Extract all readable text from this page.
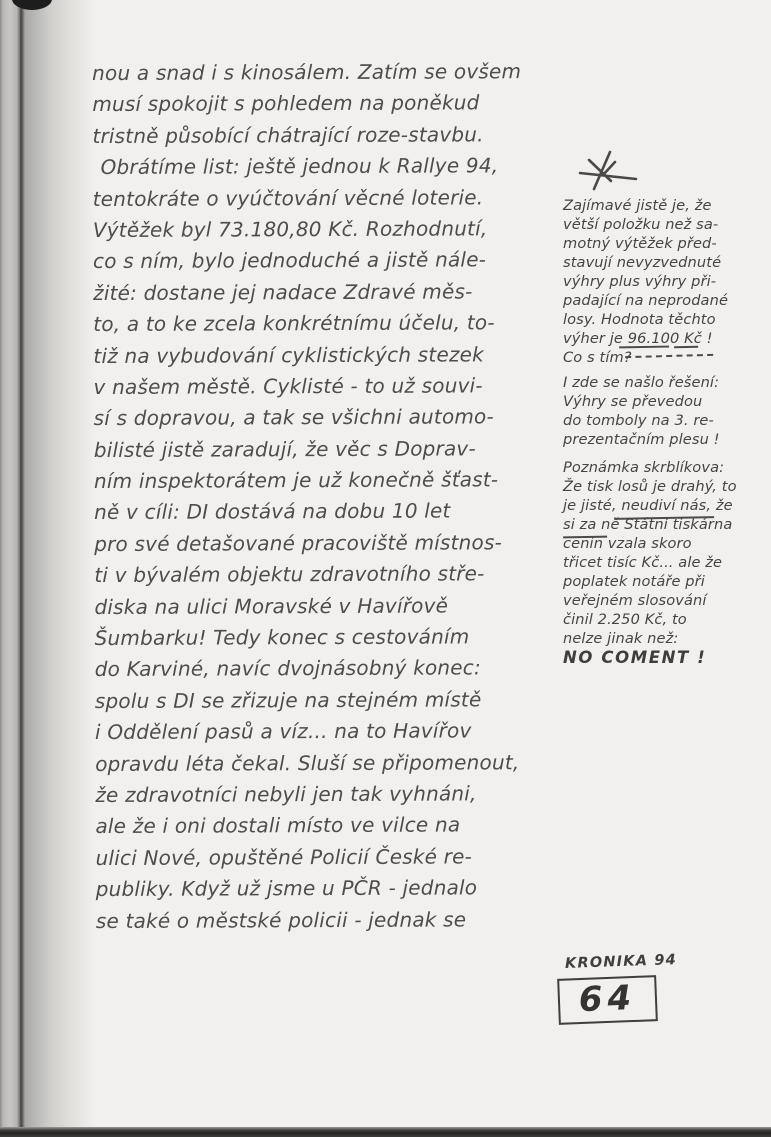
nou a snad i s kinosálem. Zatím se ovšem
musí spokojit s pohledem na poněkud
tristně působící chátrající roze-stavbu.
Obrátíme list: ještě jednou k Rallye 94,
tentokráte o vyúčtování věcné loterie.
Výtěžek byl 73.180,80 Kč. Rozhodnutí,
co s ním, bylo jednoduché a jistě nále-
žité: dostane jej nadace Zdravé měs-
to, a to ke zcela konkrétnímu účelu, to-
tiž na vybudování cyklistických stezek
v našem městě. Cyklisté - to už souvi-
sí s dopravou, a tak se všichni automo-
bilisté jistě zaradují, že věc s Doprav-
ním inspektorátem je už konečně šťast-
ně v cíli: DI dostává na dobu 10 let
pro své detašované pracoviště místnos-
ti v bývalém objektu zdravotního stře-
diska na ulici Moravské v Havířově
Šumbarku! Tedy konec s cestováním
do Karviné, navíc dvojnásobný konec:
spolu s DI se zřizuje na stejném místě
i Oddělení pasů a víz... na to Havířov
opravdu léta čekal. Sluší se připomenout,
že zdravotníci nebyli jen tak vyhnáni,
ale že i oni dostali místo ve vilce na
ulici Nové, opuštěné Policií České re-
publiky. Když už jsme u PČR - jednalo
se také o městské policii - jednak se
Zajímavé jistě je, že
větší položku než sa-
motný výtěžek před-
stavují nevyzvednuté
výhry plus výhry při-
padající na neprodané
losy. Hodnota těchto
výher je 96.100 Kč !
Co s tím?
I zde se našlo řešení:
Výhry se převedou
do tomboly na 3. re-
prezentačním plesu !
Poznámka skrblíkova:
Že tisk losů je drahý, to
je jisté, neudiví nás, že
si za ně Státní tiskárna
cenin vzala skoro
třicet tisíc Kč... ale že
poplatek notáře při
veřejném slosování
činil 2.250 Kč, to
nelze jinak než:
NO COMENT !
KRONIKA 94
64
